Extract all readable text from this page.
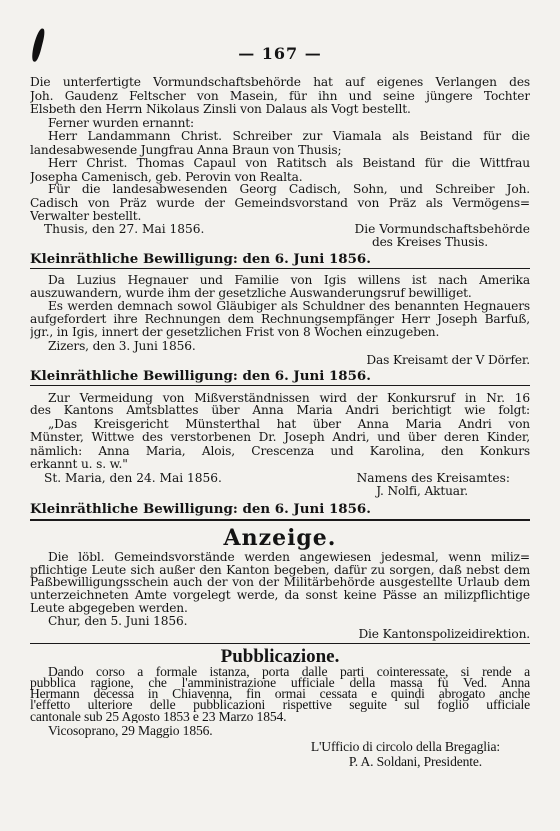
— 167 —
Die unterfertigte Vormundschaftsbehörde hat auf eigenes Verlangen des
Joh. Gaudenz Feltscher von Masein, für ihn und seine jüngere Tochter
Elsbeth den Herrn Nikolaus Zinsli von Dalaus als Vogt bestellt.
Ferner wurden ernannt:
Herr Landammann Christ. Schreiber zur Viamala als Beistand für die
landesabwesende Jungfrau Anna Braun von Thusis;
Herr Christ. Thomas Capaul von Ratitsch als Beistand für die Wittfrau
Josepha Camenisch, geb. Perovin von Realta.
Für die landesabwesenden Georg Cadisch, Sohn, und Schreiber Joh.
Cadisch von Präz wurde der Gemeindsvorstand von Präz als Vermögens=
Verwalter bestellt.
Thusis, den 27. Mai 1856.	Die Vormundschaftsbehörde
des Kreises Thusis.
Kleinräthliche Bewilligung: den 6. Juni 1856.
Da Luzius Hegnauer und Familie von Igis willens ist nach Amerika
auszuwandern, wurde ihm der gesetzliche Auswanderungsruf bewilliget.
Es werden demnach sowol Gläubiger als Schuldner des benannten Hegnauers
aufgefordert ihre Rechnungen dem Rechnungsempfänger Herr Joseph Barfuß,
jgr., in Igis, innert der gesetzlichen Frist von 8 Wochen einzugeben.
Zizers, den 3. Juni 1856.
Das Kreisamt der V Dörfer.
Kleinräthliche Bewilligung: den 6. Juni 1856.
Zur Vermeidung von Mißverständnissen wird der Konkursruf in Nr. 16
des Kantons Amtsblattes über Anna Maria Andri berichtigt wie folgt:
„Das Kreisgericht Münsterthal hat über Anna Maria Andri von
Münster, Wittwe des verstorbenen Dr. Joseph Andri, und über deren Kinder,
nämlich: Anna Maria, Alois, Crescenza und Karolina, den Konkurs
erkannt u. s. w."
St. Maria, den 24. Mai 1856.	Namens des Kreisamtes:
J. Nolfi, Aktuar.
Kleinräthliche Bewilligung: den 6. Juni 1856.
Anzeige.
Die löbl. Gemeindsvorstände werden angewiesen jedesmal, wenn miliz=
pflichtige Leute sich außer den Kanton begeben, dafür zu sorgen, daß nebst dem
Paßbewilligungsschein auch der von der Militärbehörde ausgestellte Urlaub dem
unterzeichneten Amte vorgelegt werde, da sonst keine Pässe an milizpflichtige
Leute abgegeben werden.
Chur, den 5. Juni 1856.
Die Kantonspolizeidirektion.
Pubblicazione.
Dando corso a formale istanza, porta dalle parti cointeressate, si rende a
pubblica ragione, che l'amministrazione ufficiale della massa fù Ved. Anna
Hermann decessa in Chiavenna, fin ormai cessata e quindi abrogato anche
l'effetto ulteriore delle pubblicazioni rispettive seguite sul foglio ufficiale
cantonale sub 25 Agosto 1853 e 23 Marzo 1854.
Vicosoprano, 29 Maggio 1856.
L'Ufficio di circolo della Bregaglia:
P. A. Soldani, Presidente.
